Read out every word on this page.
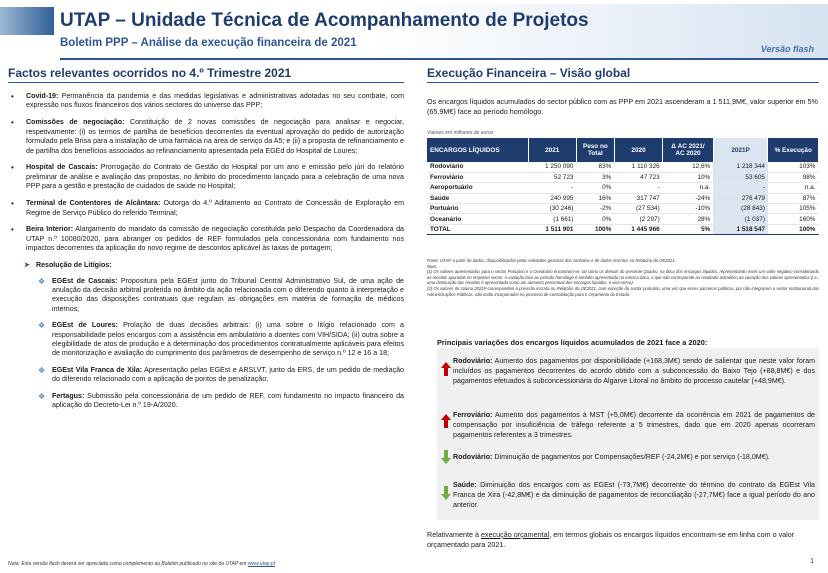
UTAP – Unidade Técnica de Acompanhamento de Projetos
Boletim PPP – Análise da execução financeira de 2021	Versão flash
Factos relevantes ocorridos no 4.º Trimestre 2021
• Covid-19: Permanência da pandemia e das medidas legislativas e administrativas adotadas no seu combate, com expressão nos fluxos financeiros dos vários sectores do universo das PPP;
• Comissões de negociação: Constituição de 2 novas comissões de negociação para analisar e negociar, respetivamente: (i) os termos de partilha de benefícios decorrentes da eventual aprovação do pedido de autorização formulado pela Brisa para a instalação de uma farmácia na área de serviço da A5; e (ii) a proposta de refinanciamento e de partilha dos benefícios associados ao refinanciamento apresentada pela EGEd do Hospital de Loures;
• Hospital de Cascais: Prorrogação do Contrato de Gestão do Hospital por um ano e emissão pelo júri do relatório preliminar de análise e avaliação das propostas, no âmbito do procedimento lançado para a celebração de uma nova PPP para a gestão e prestação de cuidados de saúde no Hospital;
• Terminal de Contentores de Alcântara: Outorga do 4.º Aditamento ao Contrato de Concessão de Exploração em Regime de Serviço Público do referido Terminal;
• Beira Interior: Alargamento do mandato da comissão de negociação constituída pelo Despacho da Coordenadora da UTAP n.º 10080/2020, para abranger os pedidos de REF formulados pela concessionária com fundamento nos impactos decorrentes da aplicação do novo regime de descontos aplicável às taxas de portagem;
➤ Resolução de Litígios:
❖ EGEst de Cascais: Propositura pela EGEst junto do Tribunal Central Administrativo Sul, de uma ação de anulação da decisão arbitral proferida no âmbito da ação relacionada com o diferendo quanto à interpretação e execução das disposições contratuais que regulam as obrigações em matéria de formação de médicos internos;
❖ EGEst de Loures: Prolação de duas decisões arbitrais: (i) uma sobre o litígio relacionado com a responsabilidade pelos encargos com a assistência em ambulatório a doentes com VIH/SIDA; (ii) outra sobre a elegibilidade de atos de produção e à determinação dos procedimentos contratualmente aplicáveis para efeitos de monitorização e avaliação do cumprimento dos parâmetros de desempenho de serviço n.º 12 e 16 a 18;
❖ EGEst Vila Franca de Xila: Apresentação pelas EGEst e ARSLVT, junto da ERS, de um pedido de mediação do diferendo relacionado com a aplicação de pontos de penalização;
❖ Fertagus: Submissão pela concessionária de um pedido de REF, com fundamento no impacto financeiro da aplicação do Decreto-Lei n.º 19-A/2020.
Execução Financeira – Visão global
Os encargos líquidos acumulados do sector público com as PPP em 2021 ascenderam a 1 511,9M€, valor superior em 5% (65,9M€) face ao período homólogo.
Valores em milhares de euros
ENCARGOS LÍQUIDOS	2021	Peso no Total	2020	Δ AC 2021/ AC 2020	2021P	% Execução
Rodoviário	1 250 090	83%	1 110 326	12,6%	1 218 344	103%
Ferroviário	52 723	3%	47 723	10%	53 605	98%
Aeroportuário	-	0%	-	n.a.	-	n.a.
Saúde	240 995	16%	317 747	-24%	276 479	87%
Portuário	(30 246)	-2%	(27 534)	-10%	(28 843)	105%
Oceanário	(1 661)	0%	(2 297)	28%	(1 037)	160%
TOTAL	1 511 901	100%	1 445 966	5%	1 518 547	100%
Fonte: UTAP, a partir de dados, disponibilizados pelas entidades gestoras dos contratos e de dados inscritos no Relatório do OE2021.
Nota:
(1) Os valores apresentados para o sector Portuário e o Oceanário encontram-se, tal como os demais do presente Quadro, na ótica dos encargos líquidos, representando estes um valor negativo considerando as receitas apuradas no respetivo sector. A variação face ao período homólogo é também apresentada na mesma ótica, o que não corresponde ao resultado aritmético da variação dos valores apresentados (i.e., uma diminuição das receitas é apresentada como um aumento percentual dos encargos líquidos, e vice-versa).
(2) Os valores da coluna 2021P correspondem à previsão inscrita no Relatório do OE2021, com exceção do sector portuário, uma vez que esses parceiros públicos, por não integrarem o sector institucional das Administrações Públicas, não estão incorporados no processo de consolidação para o Orçamento do Estado.
Principais variações dos encargos líquidos acumulados de 2021 face a 2020:
Rodoviário: Aumento dos pagamentos por disponibilidade (+168,3M€) sendo de salientar que neste valor foram incluídos os pagamentos decorrentes do acordo obtido com a subconcessão do Baixo Tejo (+88,8M€) e dos pagamentos efetuados à subconcessionária do Algarve Litoral no âmbito do processo cautelar (+48,9M€).
Ferroviário: Aumento dos pagamentos à MST (+5,0M€) decorrente da ocorrência em 2021 de pagamentos de compensação por insuficiência de tráfego referente a 5 trimestres, dado que em 2020 apenas ocorreram pagamentos referentes a 3 trimestres.
Rodoviário: Diminuição de pagamentos por Compensações/REF (-24,2M€) e por serviço (-18,0M€).
Saúde: Diminuição dos encargos com as EGEst (-73,7M€) decorrente do término do contrato da EGEst Vila Franca de Xira (-42,8M€) e da diminuição de pagamentos de reconciliação (-27,7M€) face a igual período do ano anterior.
Relativamente à execução orçamental, em termos globais os encargos líquidos encontram-se em linha com o valor orçamentado para 2021.
Nota: Esta versão flash deverá ser apreciada como complemento ao Boletim publicado no site da UTAP em www.utap.pt	1
